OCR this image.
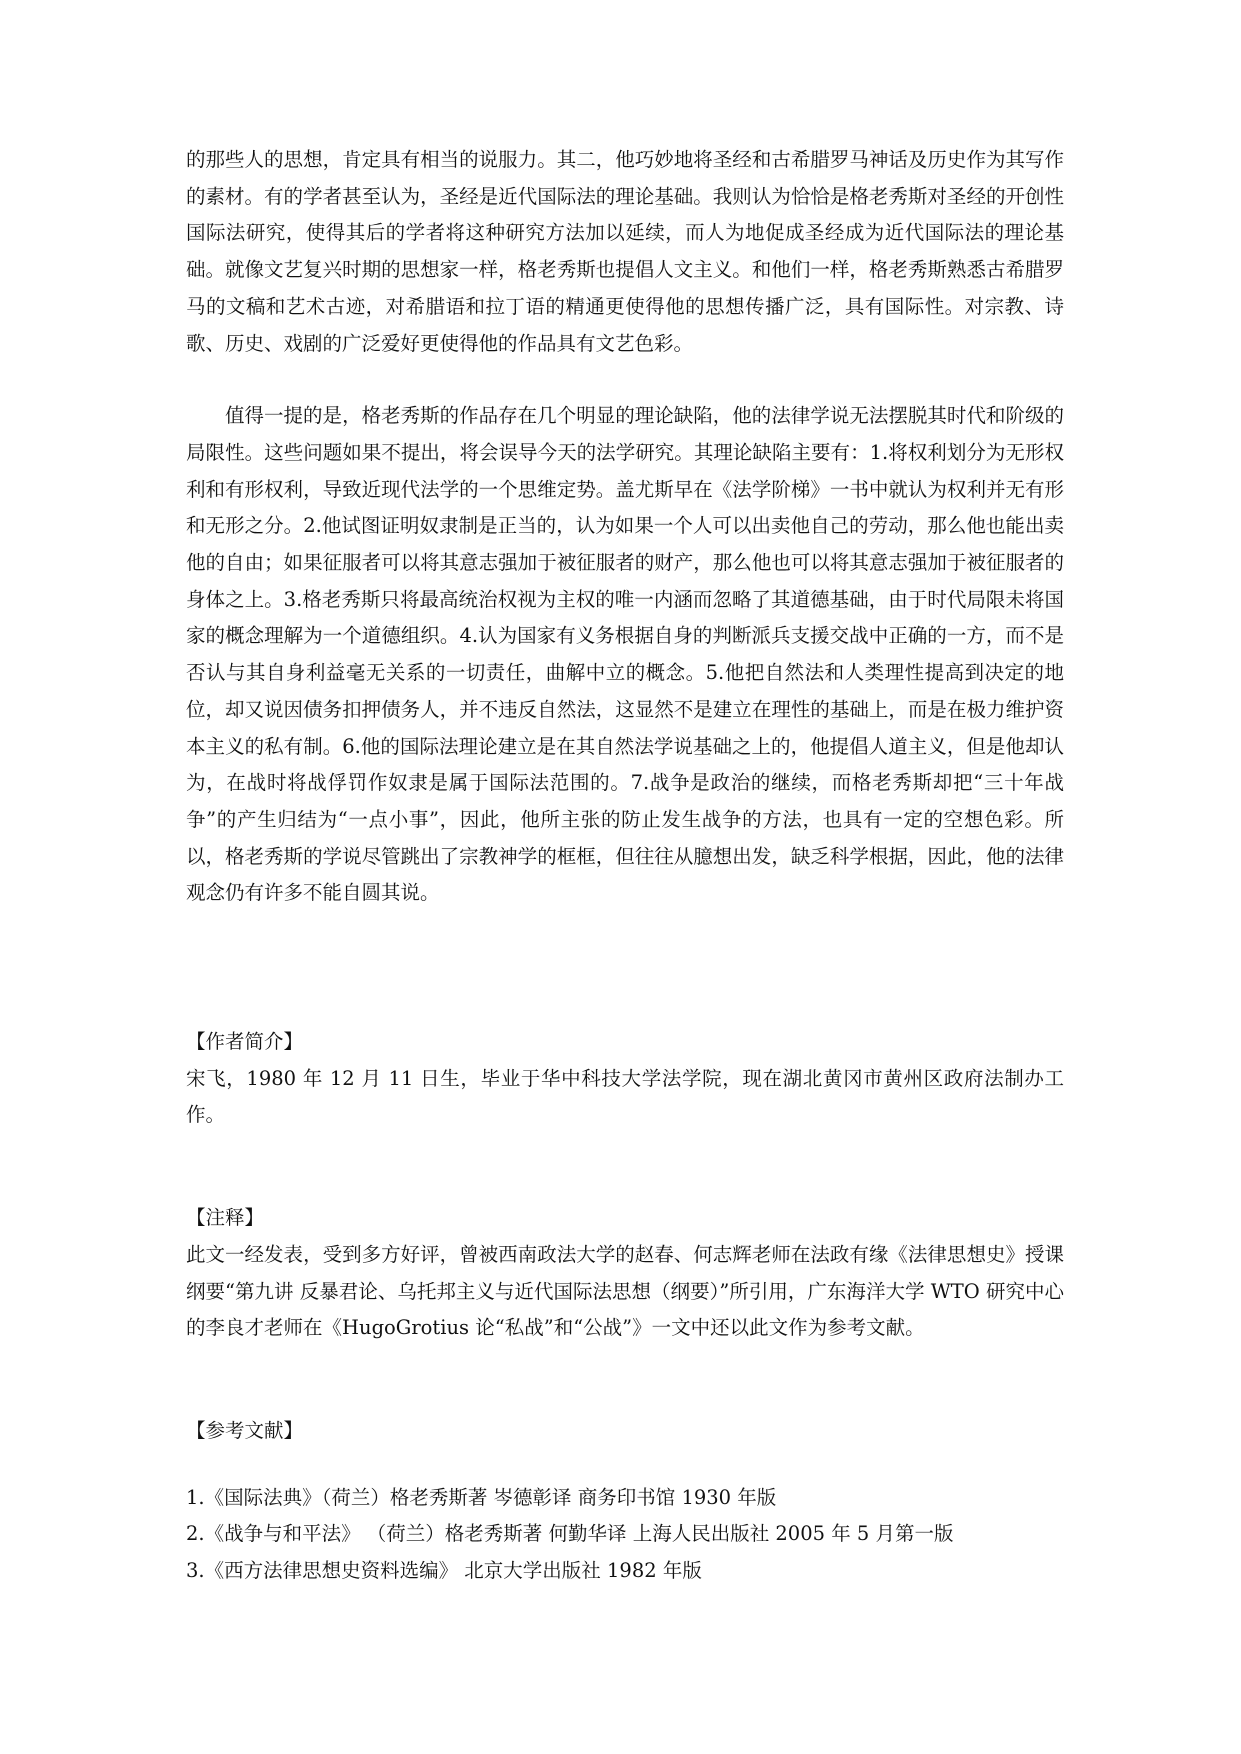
的那些人的思想，肯定具有相当的说服力。其二，他巧妙地将圣经和古希腊罗马神话及历史作为其写作的素材。有的学者甚至认为，圣经是近代国际法的理论基础。我则认为恰恰是格老秀斯对圣经的开创性国际法研究，使得其后的学者将这种研究方法加以延续，而人为地促成圣经成为近代国际法的理论基础。就像文艺复兴时期的思想家一样，格老秀斯也提倡人文主义。和他们一样，格老秀斯熟悉古希腊罗马的文稿和艺术古迹，对希腊语和拉丁语的精通更使得他的思想传播广泛，具有国际性。对宗教、诗歌、历史、戏剧的广泛爱好更使得他的作品具有文艺色彩。

值得一提的是，格老秀斯的作品存在几个明显的理论缺陷，他的法律学说无法摆脱其时代和阶级的局限性。这些问题如果不提出，将会误导今天的法学研究。其理论缺陷主要有：1.将权利划分为无形权利和有形权利，导致近现代法学的一个思维定势。盖尤斯早在《法学阶梯》一书中就认为权利并无有形和无形之分。2.他试图证明奴隶制是正当的，认为如果一个人可以出卖他自己的劳动，那么他也能出卖他的自由；如果征服者可以将其意志强加于被征服者的财产，那么他也可以将其意志强加于被征服者的身体之上。3.格老秀斯只将最高统治权视为主权的唯一内涵而忽略了其道德基础，由于时代局限未将国家的概念理解为一个道德组织。4.认为国家有义务根据自身的判断派兵支援交战中正确的一方，而不是否认与其自身利益毫无关系的一切责任，曲解中立的概念。5.他把自然法和人类理性提高到决定的地位，却又说因债务扣押债务人，并不违反自然法，这显然不是建立在理性的基础上，而是在极力维护资本主义的私有制。6.他的国际法理论建立是在其自然法学说基础之上的，他提倡人道主义，但是他却认为，在战时将战俘罚作奴隶是属于国际法范围的。7.战争是政治的继续，而格老秀斯却把“三十年战争”的产生归结为“一点小事”，因此，他所主张的防止发生战争的方法，也具有一定的空想色彩。所以，格老秀斯的学说尽管跳出了宗教神学的框框，但往往从臆想出发，缺乏科学根据，因此，他的法律观念仍有许多不能自圆其说。

【作者简介】

宋飞，1980 年 12 月 11 日生，毕业于华中科技大学法学院，现在湖北黄冈市黄州区政府法制办工作。

【注释】

此文一经发表，受到多方好评，曾被西南政法大学的赵春、何志辉老师在法政有缘《法律思想史》授课纲要“第九讲 反暴君论、乌托邦主义与近代国际法思想（纲要）”所引用，广东海洋大学 WTO 研究中心的李良才老师在《HugoGrotius 论“私战”和“公战”》一文中还以此文作为参考文献。

【参考文献】

1.《国际法典》（荷兰）格老秀斯著 岑德彰译 商务印书馆 1930 年版
2.《战争与和平法》 （荷兰）格老秀斯著 何勤华译 上海人民出版社 2005 年 5 月第一版
3.《西方法律思想史资料选编》 北京大学出版社 1982 年版
